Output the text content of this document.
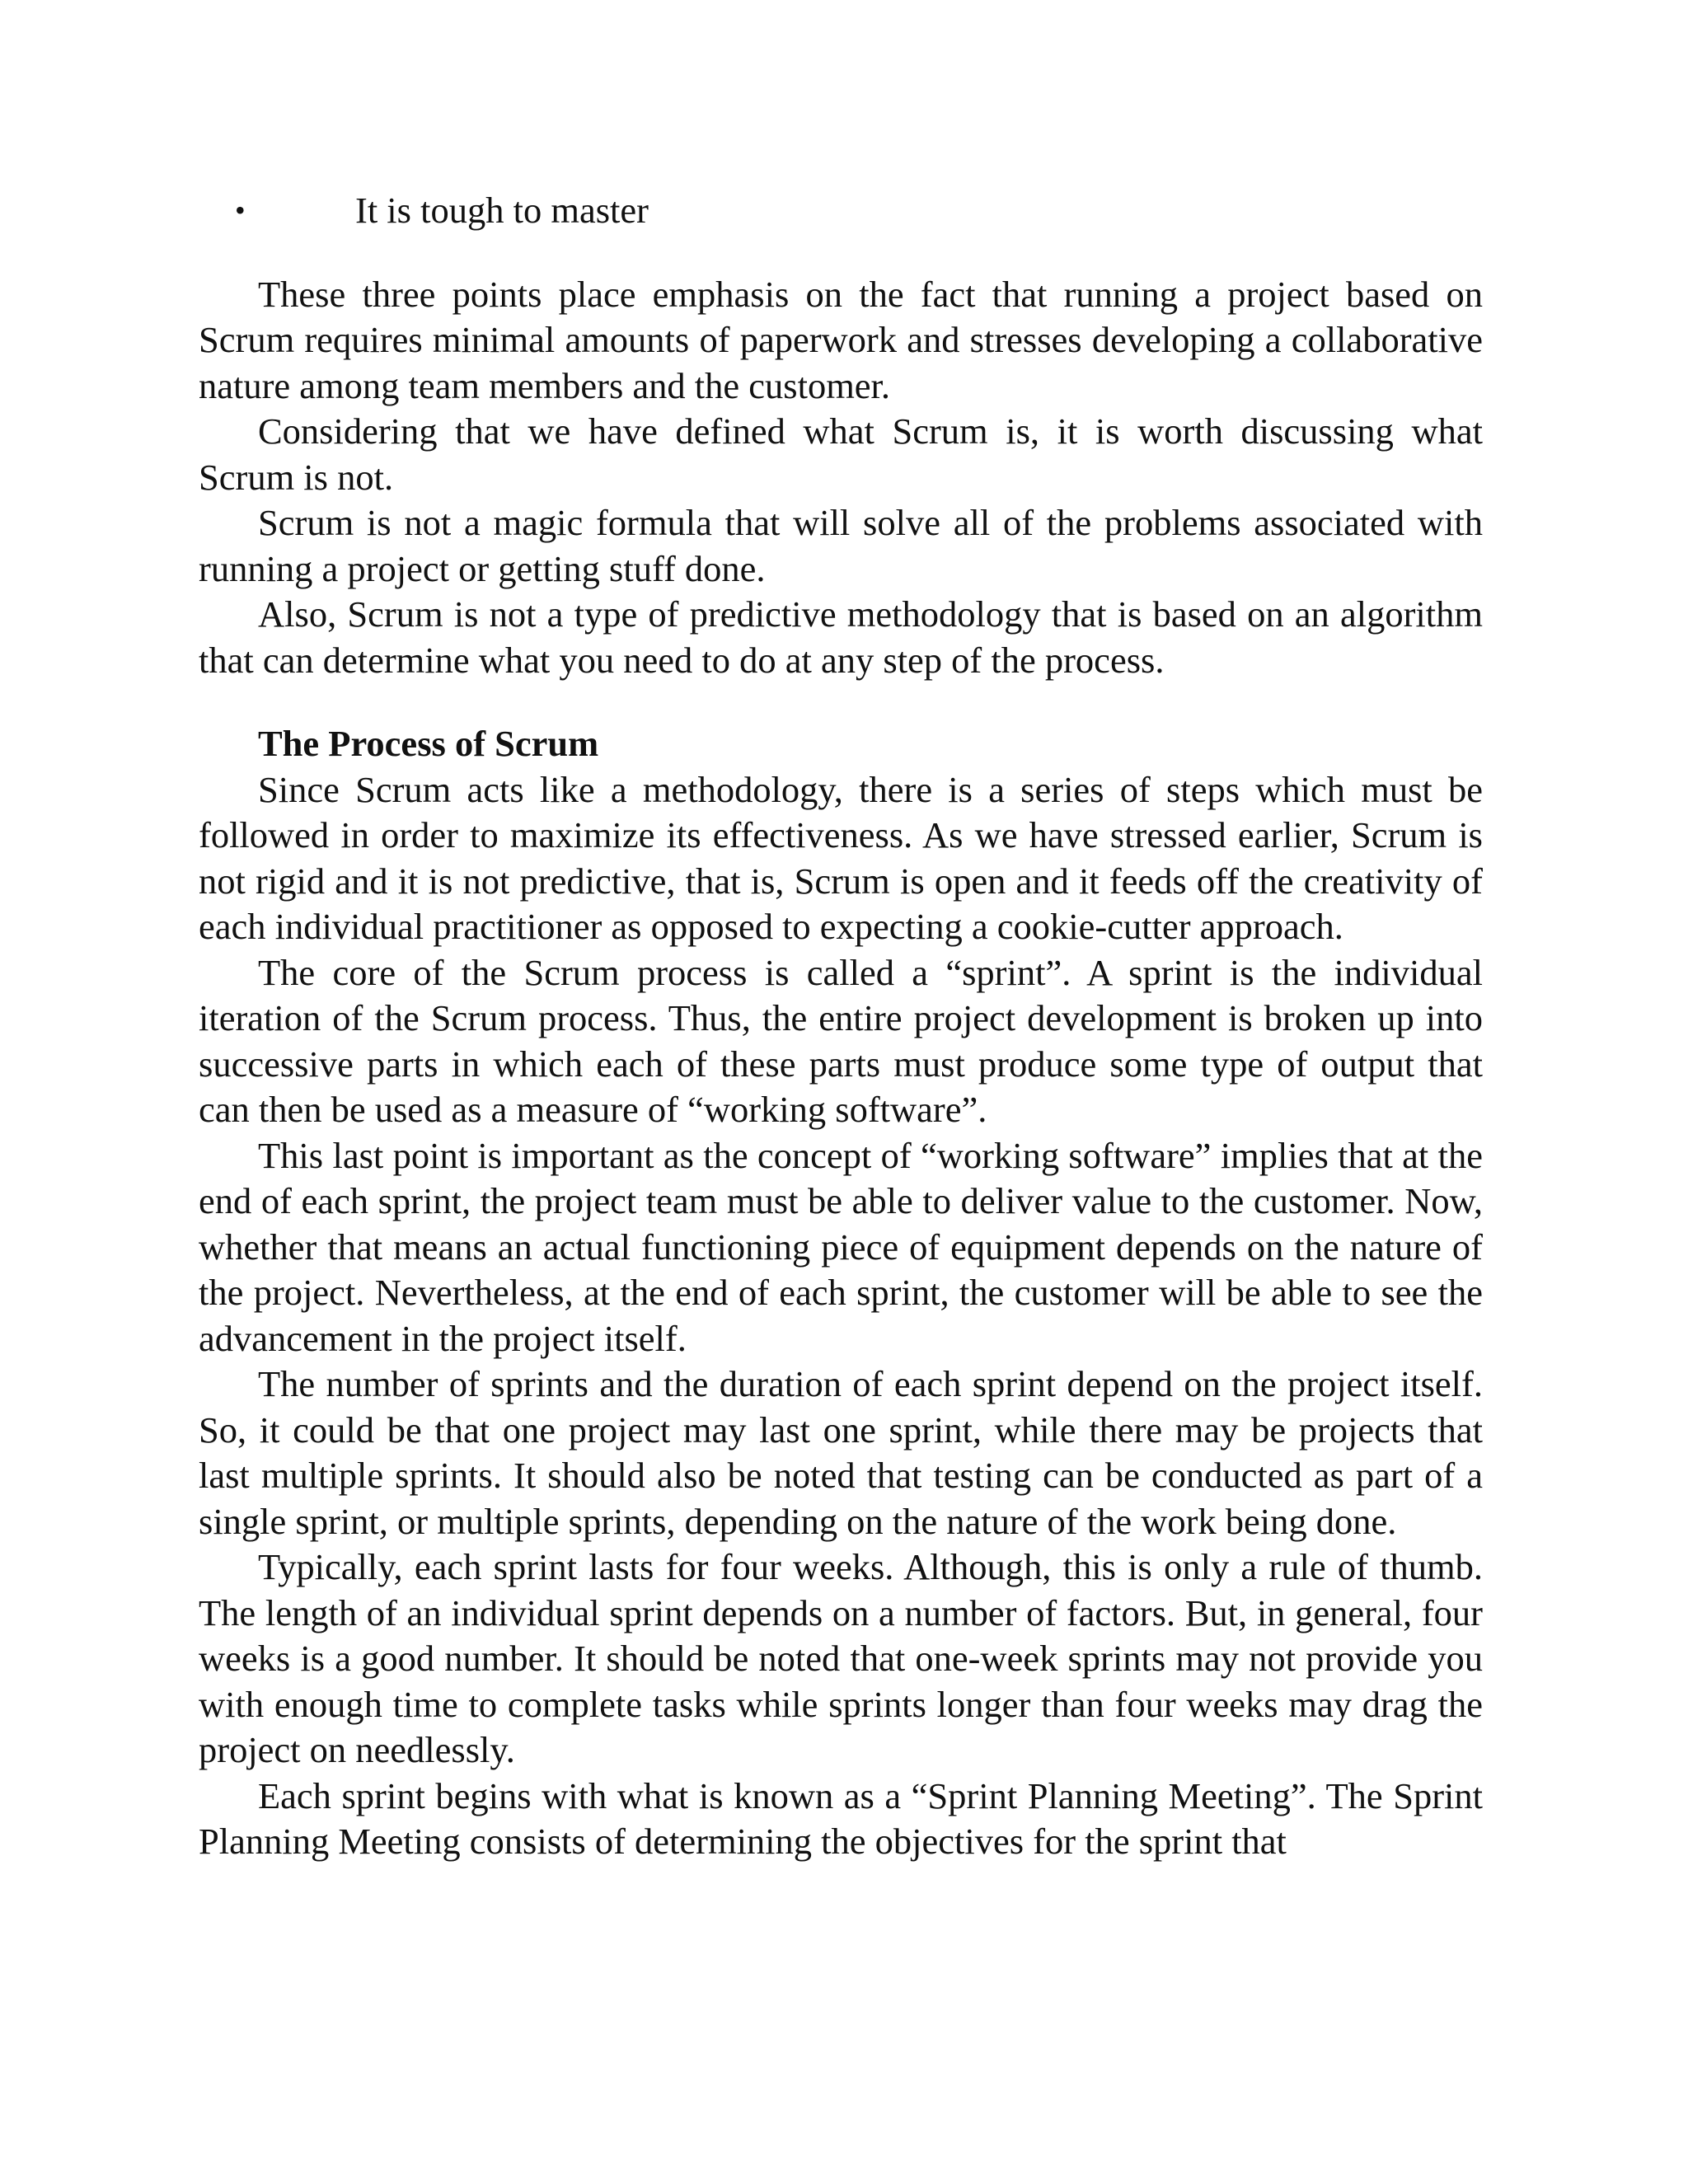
•	It is tough to master

These three points place emphasis on the fact that running a project based on Scrum requires minimal amounts of paperwork and stresses developing a collaborative nature among team members and the customer.

Considering that we have defined what Scrum is, it is worth discussing what Scrum is not.

Scrum is not a magic formula that will solve all of the problems associated with running a project or getting stuff done.

Also, Scrum is not a type of predictive methodology that is based on an algorithm that can determine what you need to do at any step of the process.

The Process of Scrum

Since Scrum acts like a methodology, there is a series of steps which must be followed in order to maximize its effectiveness. As we have stressed earlier, Scrum is not rigid and it is not predictive, that is, Scrum is open and it feeds off the creativity of each individual practitioner as opposed to expecting a cookie-cutter approach.

The core of the Scrum process is called a “sprint”. A sprint is the individual iteration of the Scrum process. Thus, the entire project development is broken up into successive parts in which each of these parts must produce some type of output that can then be used as a measure of “working software”.

This last point is important as the concept of “working software” implies that at the end of each sprint, the project team must be able to deliver value to the customer. Now, whether that means an actual functioning piece of equipment depends on the nature of the project. Nevertheless, at the end of each sprint, the customer will be able to see the advancement in the project itself.

The number of sprints and the duration of each sprint depend on the project itself. So, it could be that one project may last one sprint, while there may be projects that last multiple sprints. It should also be noted that testing can be conducted as part of a single sprint, or multiple sprints, depending on the nature of the work being done.

Typically, each sprint lasts for four weeks. Although, this is only a rule of thumb. The length of an individual sprint depends on a number of factors. But, in general, four weeks is a good number. It should be noted that one-week sprints may not provide you with enough time to complete tasks while sprints longer than four weeks may drag the project on needlessly.

Each sprint begins with what is known as a “Sprint Planning Meeting”. The Sprint Planning Meeting consists of determining the objectives for the sprint that
